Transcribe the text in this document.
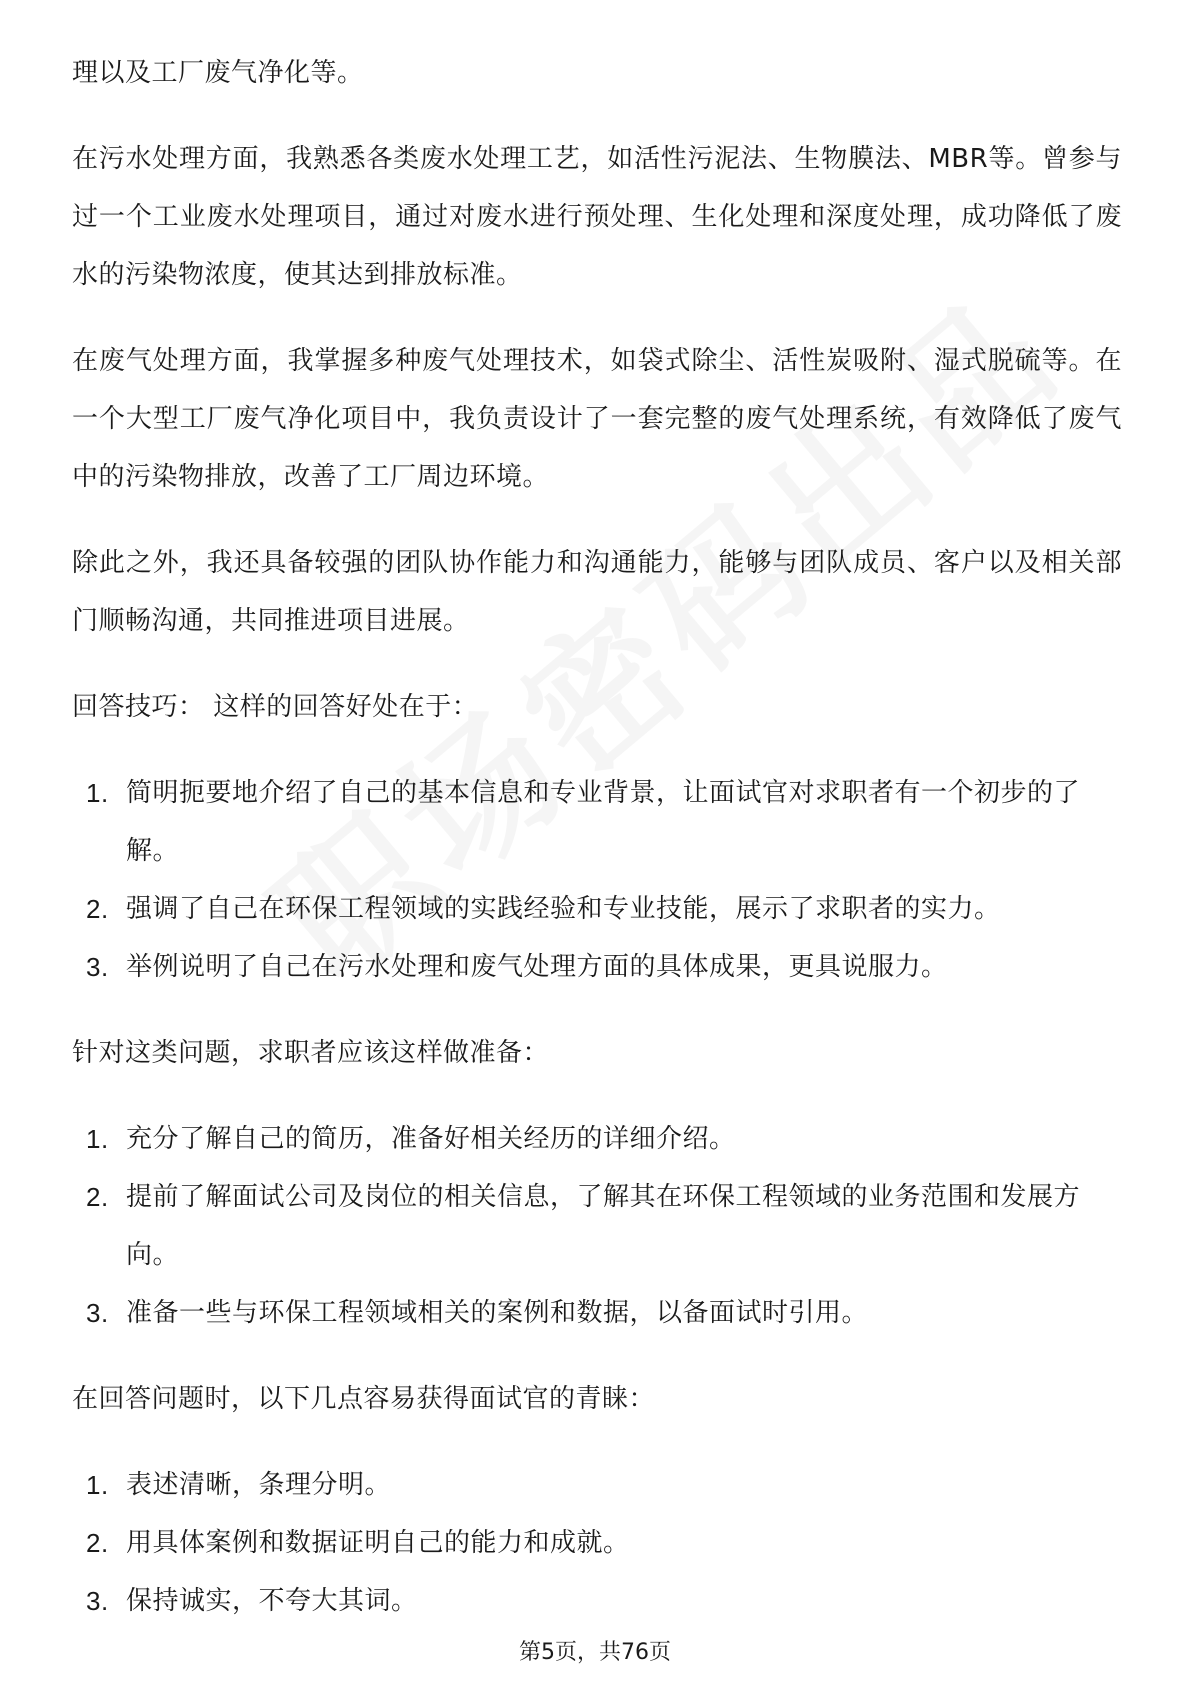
理以及工厂废气净化等。

在污水处理方面，我熟悉各类废水处理工艺，如活性污泥法、生物膜法、MBR等。曾参与过一个工业废水处理项目，通过对废水进行预处理、生化处理和深度处理，成功降低了废水的污染物浓度，使其达到排放标准。

在废气处理方面，我掌握多种废气处理技术，如袋式除尘、活性炭吸附、湿式脱硫等。在一个大型工厂废气净化项目中，我负责设计了一套完整的废气处理系统，有效降低了废气中的污染物排放，改善了工厂周边环境。

除此之外，我还具备较强的团队协作能力和沟通能力，能够与团队成员、客户以及相关部门顺畅沟通，共同推进项目进展。

回答技巧： 这样的回答好处在于：

1. 简明扼要地介绍了自己的基本信息和专业背景，让面试官对求职者有一个初步的了解。
2. 强调了自己在环保工程领域的实践经验和专业技能，展示了求职者的实力。
3. 举例说明了自己在污水处理和废气处理方面的具体成果，更具说服力。

针对这类问题，求职者应该这样做准备：

1. 充分了解自己的简历，准备好相关经历的详细介绍。
2. 提前了解面试公司及岗位的相关信息，了解其在环保工程领域的业务范围和发展方向。
3. 准备一些与环保工程领域相关的案例和数据，以备面试时引用。

在回答问题时，以下几点容易获得面试官的青睐：

1. 表述清晰，条理分明。
2. 用具体案例和数据证明自己的能力和成就。
3. 保持诚实，不夸大其词。
第5页，共76页
